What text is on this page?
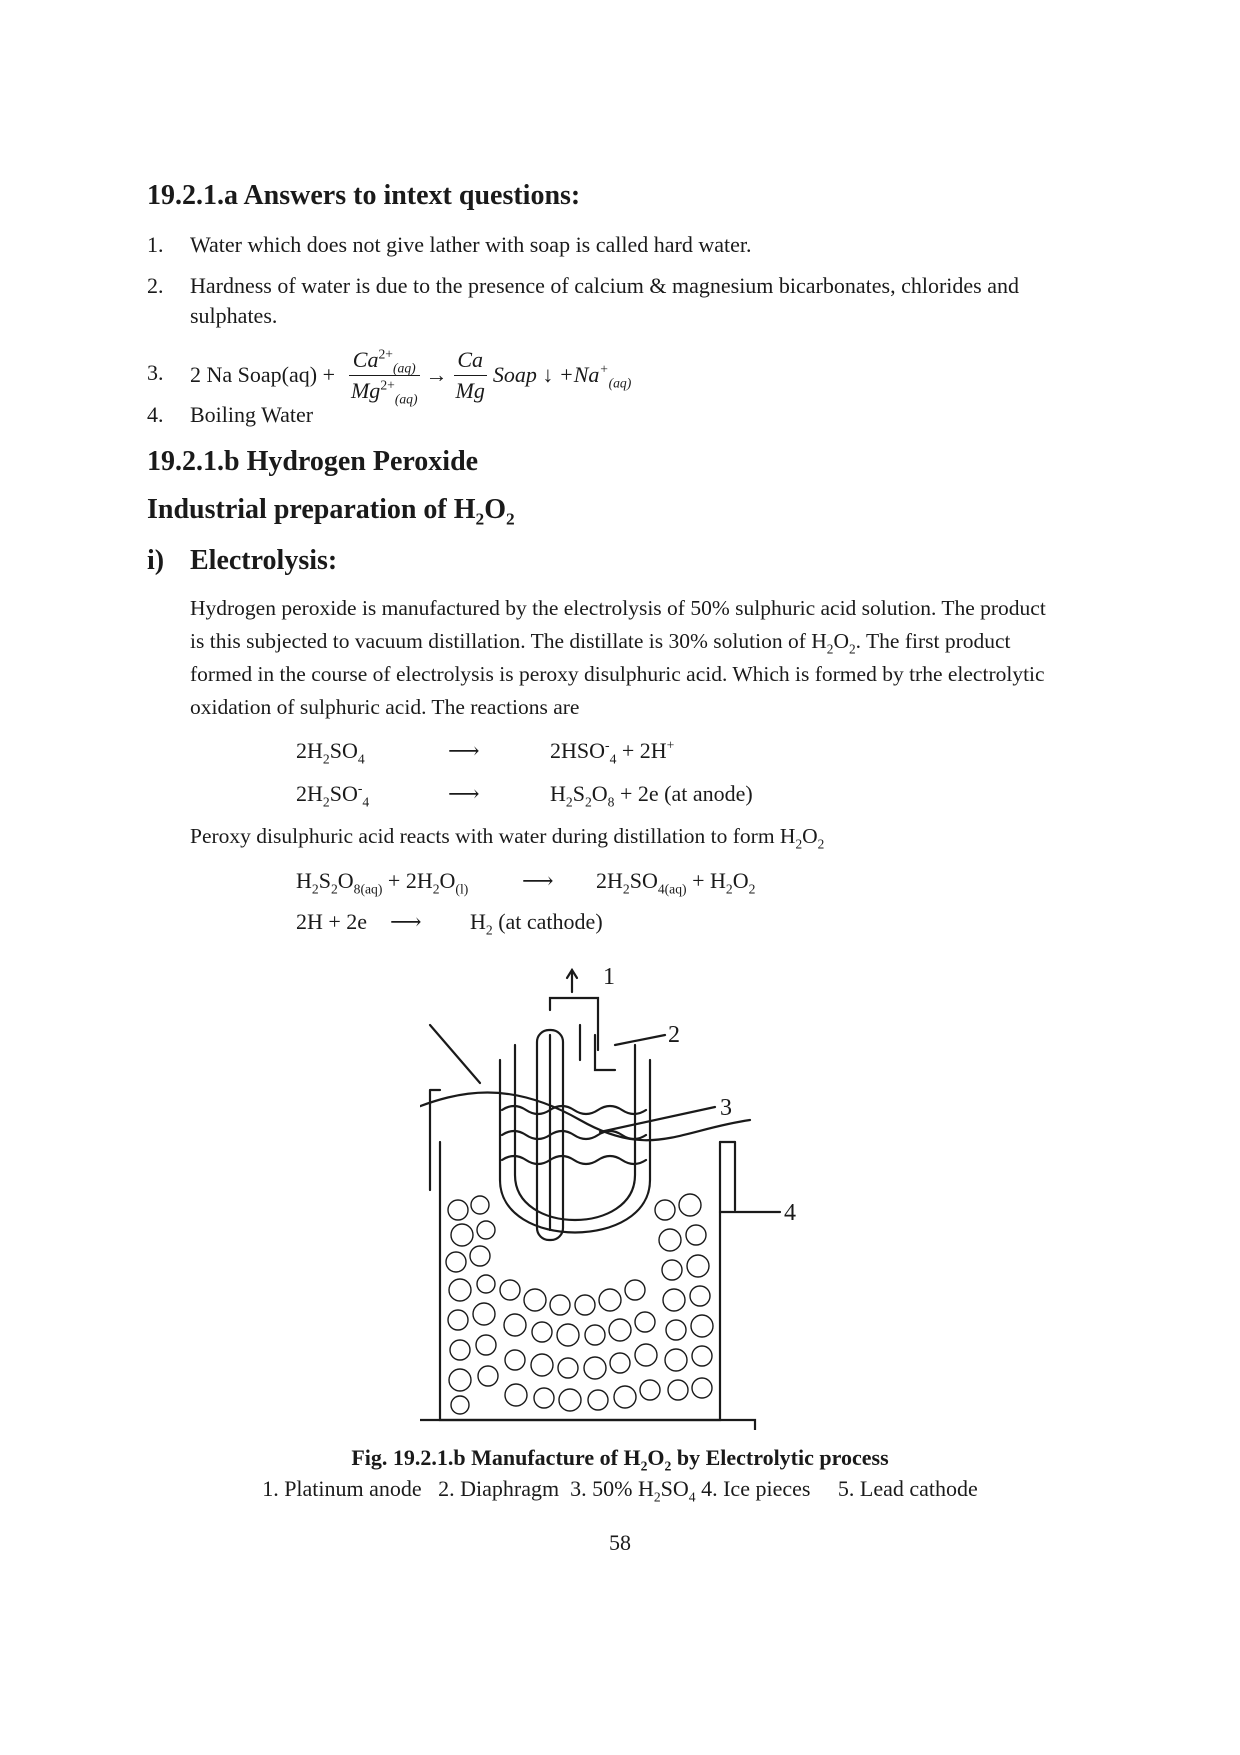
19.2.1.a Answers to intext questions:
1. Water which does not give lather with soap is called hard water.
2. Hardness of water is due to the presence of calcium & magnesium bicarbonates, chlorides and
sulphates.
3. 2 Na Soap(aq) + $\frac{Ca^{2+}_{(aq)}}{Mg^{2+}_{(aq)}} \to \frac{Ca}{Mg}$ Soap ↓ $+Na^+_{(aq)}$
4. Boiling Water
19.2.1.b Hydrogen Peroxide
Industrial preparation of $H_2O_2$
i) Electrolysis:
Hydrogen peroxide is manufactured by the electrolysis of 50% sulphuric acid solution. The product
is this subjected to vacuum distillation. The distillate is 30% solution of $H_2O_2$. The first product
formed in the course of electrolysis is peroxy disulphuric acid. Which is formed by trhe electrolytic
oxidation of sulphuric acid. The reactions are
$2H_2SO_4$	⟶	$2HSO^-_4 + 2H^+$
$2H_2SO^-_4$	⟶	$H_2S_2O_8 + 2e$ (at anode)
Peroxy disulphuric acid reacts with water during distillation to form $H_2O_2$
$H_2S_2O_{8(aq)} + 2H_2O_{(l)}$ ⟶ $2H_2SO_{4(aq)} + H_2O_2$
2H + 2e ⟶ $H_2$ (at cathode)
1
2
3
4
Fig. 19.2.1.b Manufacture of $H_2O_2$ by Electrolytic process
1. Platinum anode   2. Diaphragm  3. 50% $H_2SO_4$ 4. Ice pieces     5. Lead cathode
58
